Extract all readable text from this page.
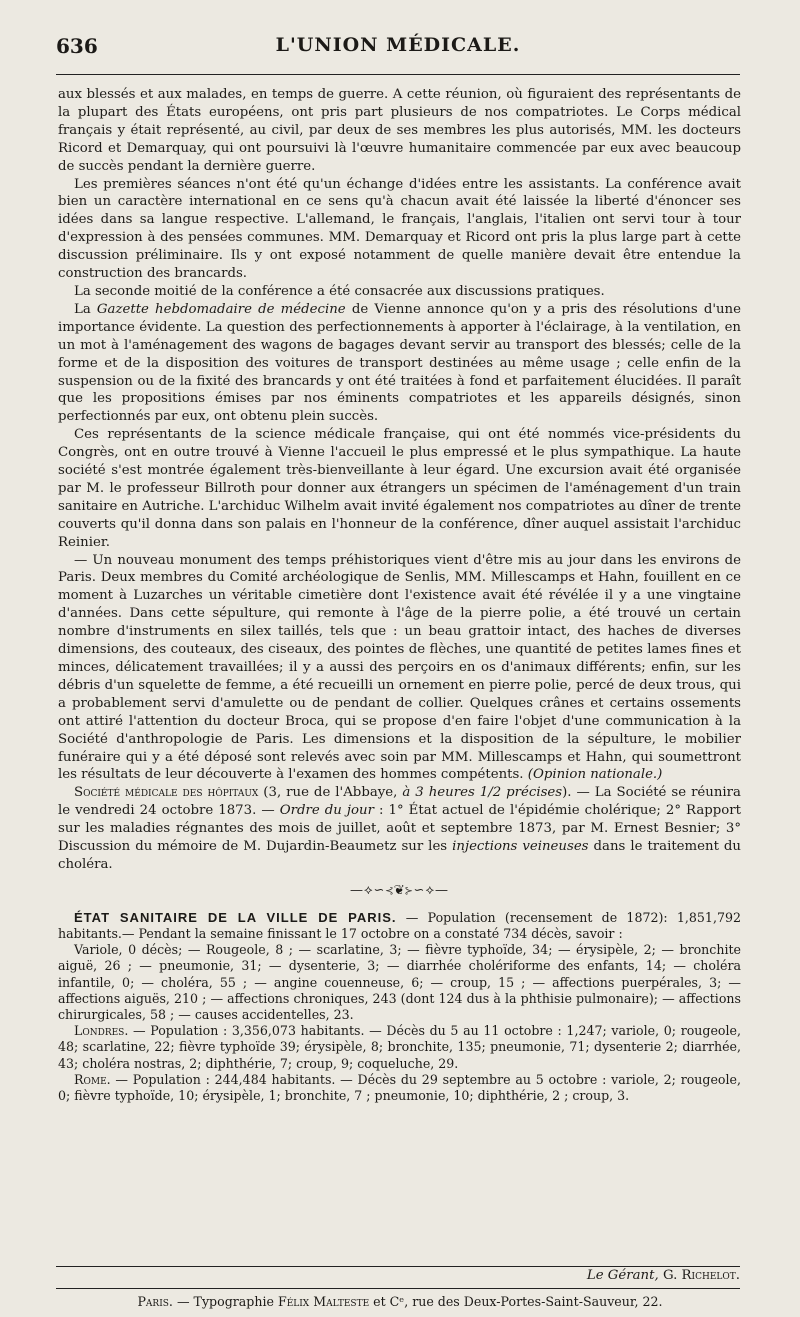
636	L'UNION MÉDICALE.

aux blessés et aux malades, en temps de guerre. A cette réunion, où figuraient des représentants de la plupart des États européens, ont pris part plusieurs de nos compatriotes. Le Corps médical français y était représenté, au civil, par deux de ses membres les plus autorisés, MM. les docteurs Ricord et Demarquay, qui ont poursuivi là l'œuvre humanitaire commencée par eux avec beaucoup de succès pendant la dernière guerre.

Les premières séances n'ont été qu'un échange d'idées entre les assistants. La conférence avait bien un caractère international en ce sens qu'à chacun avait été laissée la liberté d'énoncer ses idées dans sa langue respective. L'allemand, le français, l'anglais, l'italien ont servi tour à tour d'expression à des pensées communes. MM. Demarquay et Ricord ont pris la plus large part à cette discussion préliminaire. Ils y ont exposé notamment de quelle manière devait être entendue la construction des brancards.

La seconde moitié de la conférence a été consacrée aux discussions pratiques.

La Gazette hebdomadaire de médecine de Vienne annonce qu'on y a pris des résolutions d'une importance évidente. La question des perfectionnements à apporter à l'éclairage, à la ventilation, en un mot à l'aménagement des wagons de bagages devant servir au transport des blessés; celle de la forme et de la disposition des voitures de transport destinées au même usage ; celle enfin de la suspension ou de la fixité des brancards y ont été traitées à fond et parfaitement élucidées. Il paraît que les propositions émises par nos éminents compatriotes et les appareils désignés, sinon perfectionnés par eux, ont obtenu plein succès.

Ces représentants de la science médicale française, qui ont été nommés vice-présidents du Congrès, ont en outre trouvé à Vienne l'accueil le plus empressé et le plus sympathique. La haute société s'est montrée également très-bienveillante à leur égard. Une excursion avait été organisée par M. le professeur Billroth pour donner aux étrangers un spécimen de l'aménagement d'un train sanitaire en Autriche. L'archiduc Wilhelm avait invité également nos compatriotes au dîner de trente couverts qu'il donna dans son palais en l'honneur de la conférence, dîner auquel assistait l'archiduc Reinier.

— Un nouveau monument des temps préhistoriques vient d'être mis au jour dans les environs de Paris. Deux membres du Comité archéologique de Senlis, MM. Millescamps et Hahn, fouillent en ce moment à Luzarches un véritable cimetière dont l'existence avait été révélée il y a une vingtaine d'années. Dans cette sépulture, qui remonte à l'âge de la pierre polie, a été trouvé un certain nombre d'instruments en silex taillés, tels que : un beau grattoir intact, des haches de diverses dimensions, des couteaux, des ciseaux, des pointes de flèches, une quantité de petites lames fines et minces, délicatement travaillées; il y a aussi des perçoirs en os d'animaux différents; enfin, sur les débris d'un squelette de femme, a été recueilli un ornement en pierre polie, percé de deux trous, qui a probablement servi d'amulette ou de pendant de collier. Quelques crânes et certains ossements ont attiré l'attention du docteur Broca, qui se propose d'en faire l'objet d'une communication à la Société d'anthropologie de Paris. Les dimensions et la disposition de la sépulture, le mobilier funéraire qui y a été déposé sont relevés avec soin par MM. Millescamps et Hahn, qui soumettront les résultats de leur découverte à l'examen des hommes compétents. (Opinion nationale.)

Société médicale des hôpitaux (3, rue de l'Abbaye, à 3 heures 1/2 précises). — La Société se réunira le vendredi 24 octobre 1873. — Ordre du jour : 1° État actuel de l'épidémie cholérique; 2° Rapport sur les maladies régnantes des mois de juillet, août et septembre 1873, par M. Ernest Besnier; 3° Discussion du mémoire de M. Dujardin-Beaumetz sur les injections veineuses dans le traitement du choléra.

—⟡∽⊰❦⊱∽⟡—

ÉTAT SANITAIRE DE LA VILLE DE PARIS. — Population (recensement de 1872): 1,851,792 habitants.— Pendant la semaine finissant le 17 octobre on a constaté 734 décès, savoir :

Variole, 0 décès; — Rougeole, 8 ; — scarlatine, 3; — fièvre typhoïde, 34; — érysipèle, 2; — bronchite aiguë, 26 ; — pneumonie, 31; — dysenterie, 3; — diarrhée cholériforme des enfants, 14; — choléra infantile, 0; — choléra, 55 ; — angine couenneuse, 6; — croup, 15 ; — affections puerpérales, 3; — affections aiguës, 210 ; — affections chroniques, 243 (dont 124 dus à la phthisie pulmonaire); — affections chirurgicales, 58 ; — causes accidentelles, 23.

Londres. — Population : 3,356,073 habitants. — Décès du 5 au 11 octobre : 1,247; variole, 0; rougeole, 48; scarlatine, 22; fièvre typhoïde 39; érysipèle, 8; bronchite, 135; pneumonie, 71; dysenterie 2; diarrhée, 43; choléra nostras, 2; diphthérie, 7; croup, 9; coqueluche, 29.

Rome. — Population : 244,484 habitants. — Décès du 29 septembre au 5 octobre : variole, 2; rougeole, 0; fièvre typhoïde, 10; érysipèle, 1; bronchite, 7 ; pneumonie, 10; diphthérie, 2 ; croup, 3.

Le Gérant, G. Richelot.
Paris. — Typographie Félix Malteste et Cᵉ, rue des Deux-Portes-Saint-Sauveur, 22.
